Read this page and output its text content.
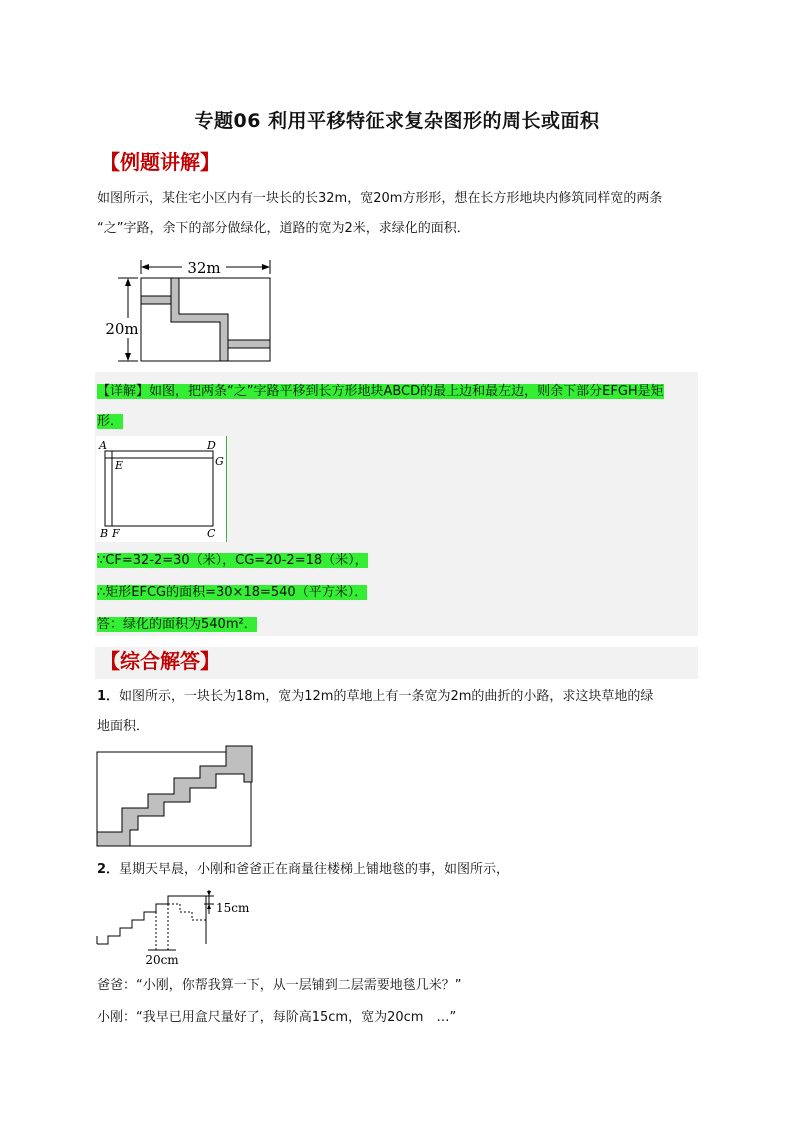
专题06 利用平移特征求复杂图形的周长或面积
【例题讲解】
如图所示，某住宅小区内有一块长的长32m，宽20m方形形，想在长方形地块内修筑同样宽的两条
“之”字路，余下的部分做绿化，道路的宽为2米，求绿化的面积．
32m
20m
【详解】如图，把两条“之”字路平移到长方形地块ABCD的最上边和最左边，则余下部分EFGH是矩
形．
A	D
E	G
B F	C
∵CF=32-2=30（米），CG=20-2=18（米），
∴矩形EFCG的面积=30×18=540（平方米）．
答：绿化的面积为540m²．
【综合解答】
1．如图所示，一块长为18m，宽为12m的草地上有一条宽为2m的曲折的小路，求这块草地的绿
地面积．
2．星期天早晨，小刚和爸爸正在商量往楼梯上铺地毯的事，如图所示，
15cm
20cm
爸爸：“小刚，你帮我算一下，从一层铺到二层需要地毯几米？”
小刚：“我早已用盒尺量好了，每阶高15cm，宽为20cm　…”
